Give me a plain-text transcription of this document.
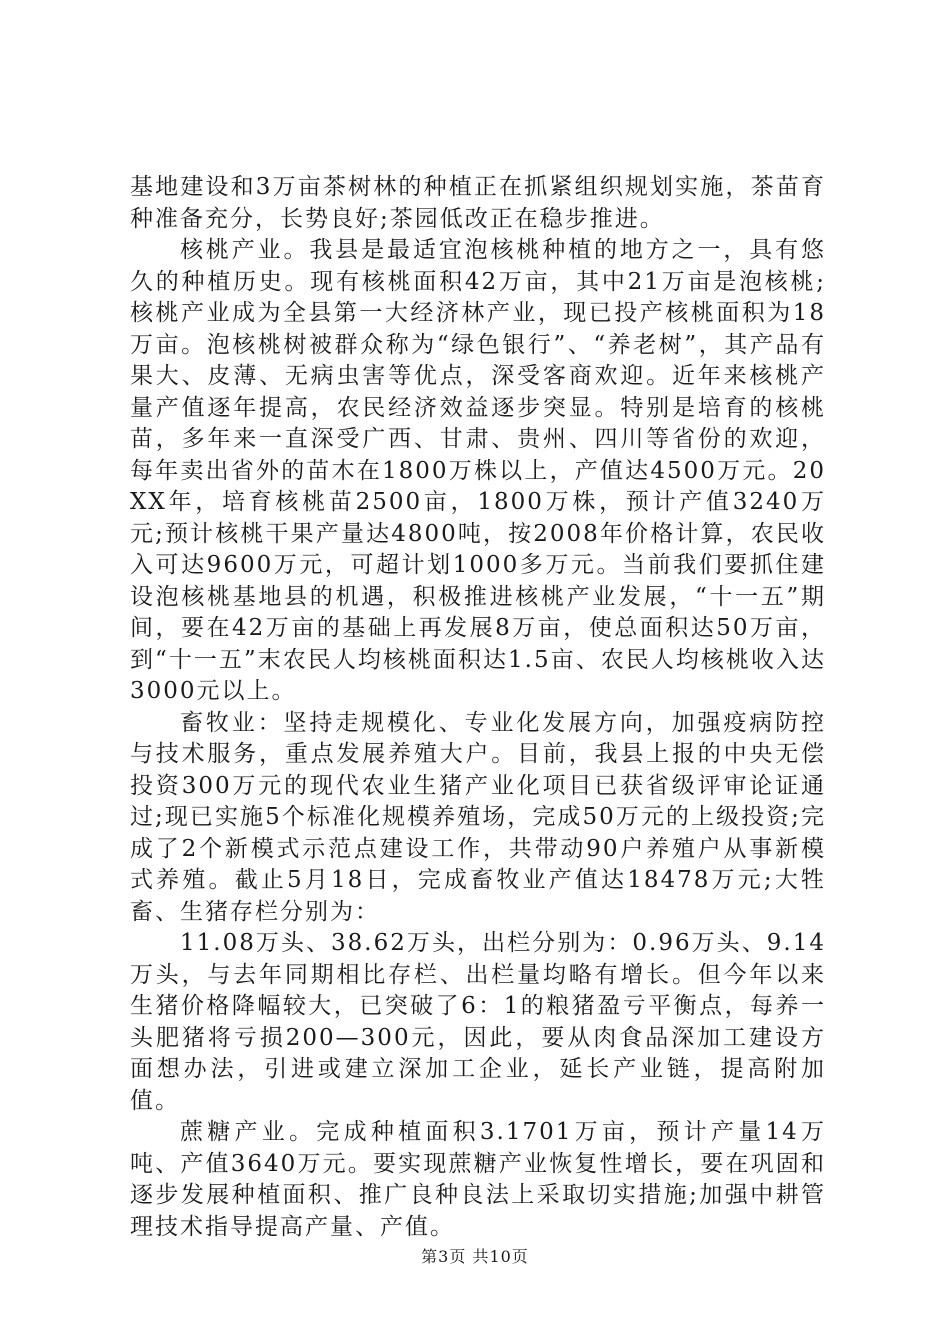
基地建设和3万亩茶树林的种植正在抓紧组织规划实施，茶苗育种准备充分，长势良好;茶园低改正在稳步推进。

核桃产业。我县是最适宜泡核桃种植的地方之一，具有悠久的种植历史。现有核桃面积42万亩，其中21万亩是泡核桃;核桃产业成为全县第一大经济林产业，现已投产核桃面积为18万亩。泡核桃树被群众称为“绿色银行”、“养老树”，其产品有果大、皮薄、无病虫害等优点，深受客商欢迎。近年来核桃产量产值逐年提高，农民经济效益逐步突显。特别是培育的核桃苗，多年来一直深受广西、甘肃、贵州、四川等省份的欢迎，每年卖出省外的苗木在1800万株以上，产值达4500万元。20XX年，培育核桃苗2500亩，1800万株，预计产值3240万元;预计核桃干果产量达4800吨，按2008年价格计算，农民收入可达9600万元，可超计划1000多万元。当前我们要抓住建设泡核桃基地县的机遇，积极推进核桃产业发展，“十一五”期间，要在42万亩的基础上再发展8万亩，使总面积达50万亩，到“十一五”末农民人均核桃面积达1.5亩、农民人均核桃收入达3000元以上。

畜牧业：坚持走规模化、专业化发展方向，加强疫病防控与技术服务，重点发展养殖大户。目前，我县上报的中央无偿投资300万元的现代农业生猪产业化项目已获省级评审论证通过;现已实施5个标准化规模养殖场，完成50万元的上级投资;完成了2个新模式示范点建设工作，共带动90户养殖户从事新模式养殖。截止5月18日，完成畜牧业产值达18478万元;大牲畜、生猪存栏分别为：

11.08万头、38.62万头，出栏分别为：0.96万头、9.14万头，与去年同期相比存栏、出栏量均略有增长。但今年以来生猪价格降幅较大，已突破了6：1的粮猪盈亏平衡点，每养一头肥猪将亏损200—300元，因此，要从肉食品深加工建设方面想办法，引进或建立深加工企业，延长产业链，提高附加值。

蔗糖产业。完成种植面积3.1701万亩，预计产量14万吨、产值3640万元。要实现蔗糖产业恢复性增长，要在巩固和逐步发展种植面积、推广良种良法上采取切实措施;加强中耕管理技术指导提高产量、产值。

第3页 共10页
